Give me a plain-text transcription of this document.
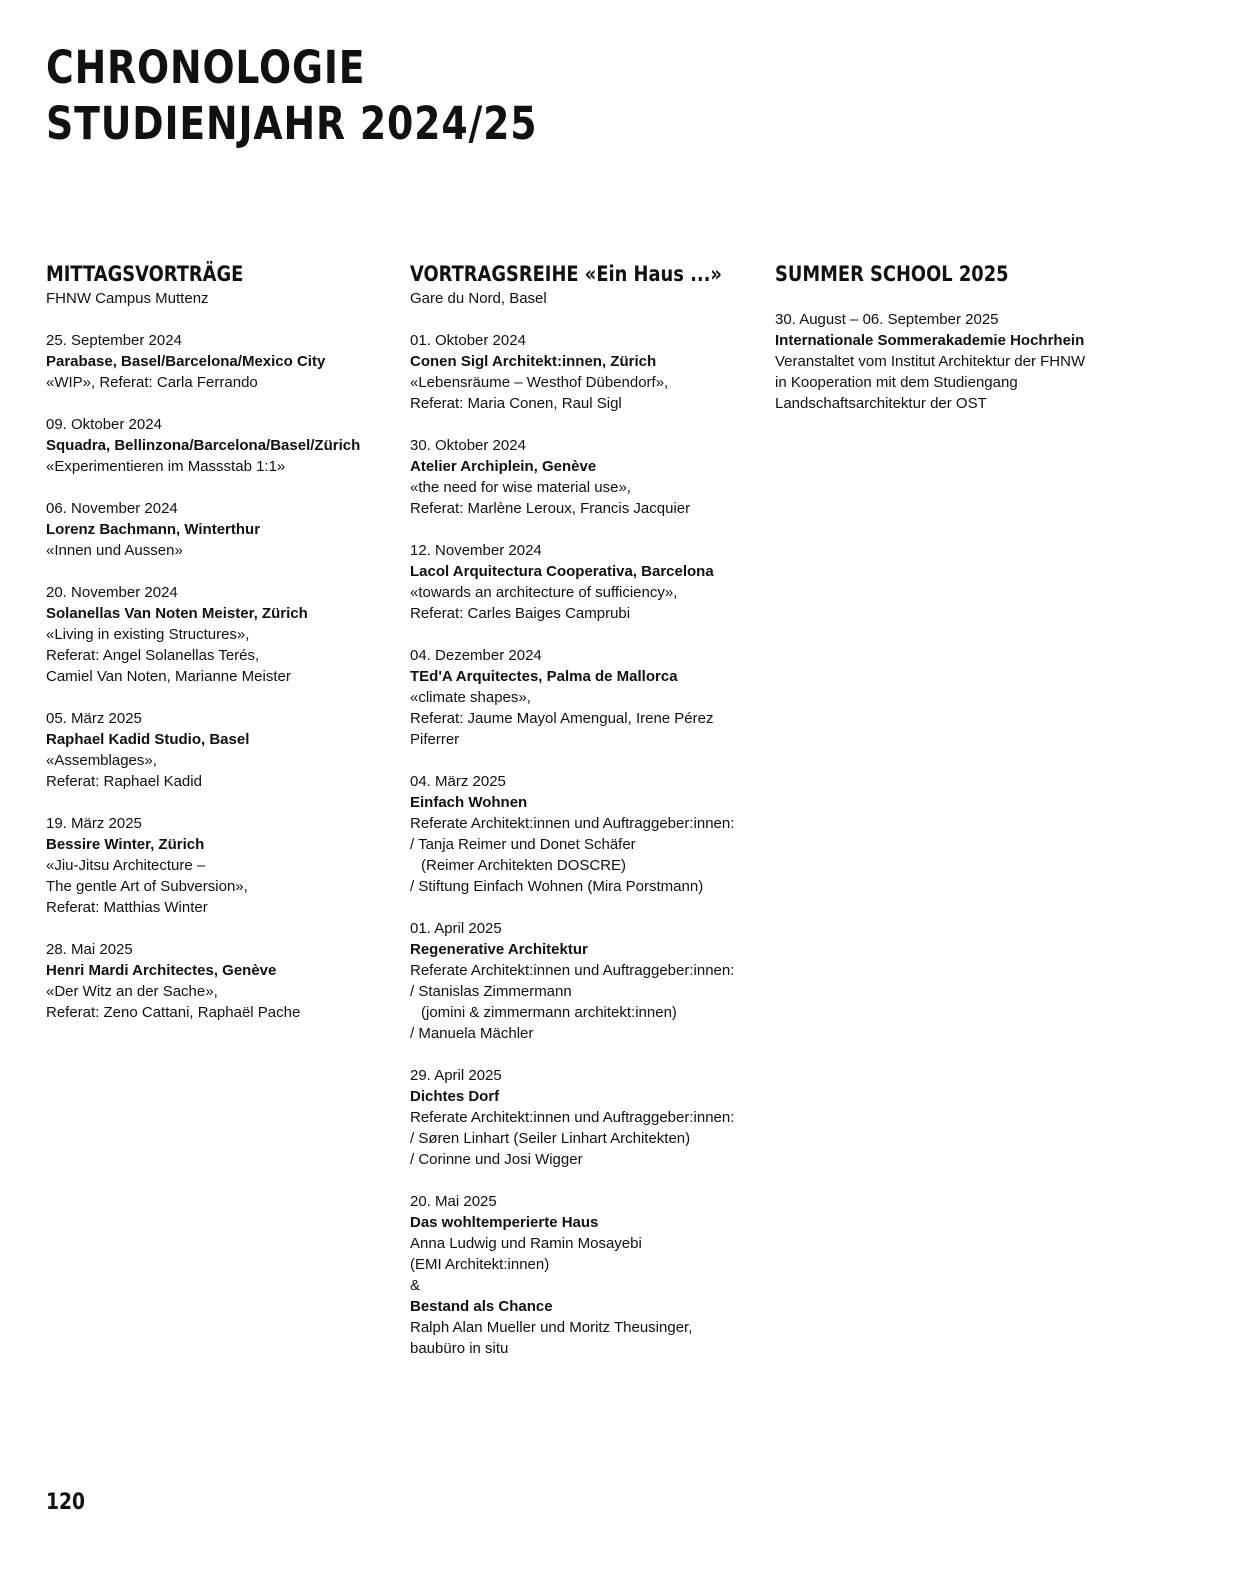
CHRONOLOGIE
STUDIENJAHR 2024/25
MITTAGSVORTRÄGE
FHNW Campus Muttenz
25. September 2024
Parabase, Basel/Barcelona/Mexico City
«WIP», Referat: Carla Ferrando
09. Oktober 2024
Squadra, Bellinzona/Barcelona/Basel/Zürich
«Experimentieren im Massstab 1:1»
06. November 2024
Lorenz Bachmann, Winterthur
«Innen und Aussen»
20. November 2024
Solanellas Van Noten Meister, Zürich
«Living in existing Structures»,
Referat: Angel Solanellas Terés,
Camiel Van Noten, Marianne Meister
05. März 2025
Raphael Kadid Studio, Basel
«Assemblages»,
Referat: Raphael Kadid
19. März 2025
Bessire Winter, Zürich
«Jiu-Jitsu Architecture –
The gentle Art of Subversion»,
Referat: Matthias Winter
28. Mai 2025
Henri Mardi Architectes, Genève
«Der Witz an der Sache»,
Referat: Zeno Cattani, Raphaël Pache
VORTRAGSREIHE «Ein Haus ...»
Gare du Nord, Basel
01. Oktober 2024
Conen Sigl Architekt:innen, Zürich
«Lebensräume – Westhof Dübendorf»,
Referat: Maria Conen, Raul Sigl
30. Oktober 2024
Atelier Archiplein, Genève
«the need for wise material use»,
Referat: Marlène Leroux, Francis Jacquier
12. November 2024
Lacol Arquitectura Cooperativa, Barcelona
«towards an architecture of sufficiency»,
Referat: Carles Baiges Camprubi
04. Dezember 2024
TEd'A Arquitectes, Palma de Mallorca
«climate shapes»,
Referat: Jaume Mayol Amengual, Irene Pérez
Piferrer
04. März 2025
Einfach Wohnen
Referate Architekt:innen und Auftraggeber:innen:
/ Tanja Reimer und Donet Schäfer
(Reimer Architekten DOSCRE)
/ Stiftung Einfach Wohnen (Mira Porstmann)
01. April 2025
Regenerative Architektur
Referate Architekt:innen und Auftraggeber:innen:
/ Stanislas Zimmermann
(jomini & zimmermann architekt:innen)
/ Manuela Mächler
29. April 2025
Dichtes Dorf
Referate Architekt:innen und Auftraggeber:innen:
/ Søren Linhart (Seiler Linhart Architekten)
/ Corinne und Josi Wigger
20. Mai 2025
Das wohltemperierte Haus
Anna Ludwig und Ramin Mosayebi
(EMI Architekt:innen)
&
Bestand als Chance
Ralph Alan Mueller und Moritz Theusinger,
baubüro in situ
SUMMER SCHOOL 2025
30. August – 06. September 2025
Internationale Sommerakademie Hochrhein
Veranstaltet vom Institut Architektur der FHNW
in Kooperation mit dem Studiengang
Landschaftsarchitektur der OST
120
